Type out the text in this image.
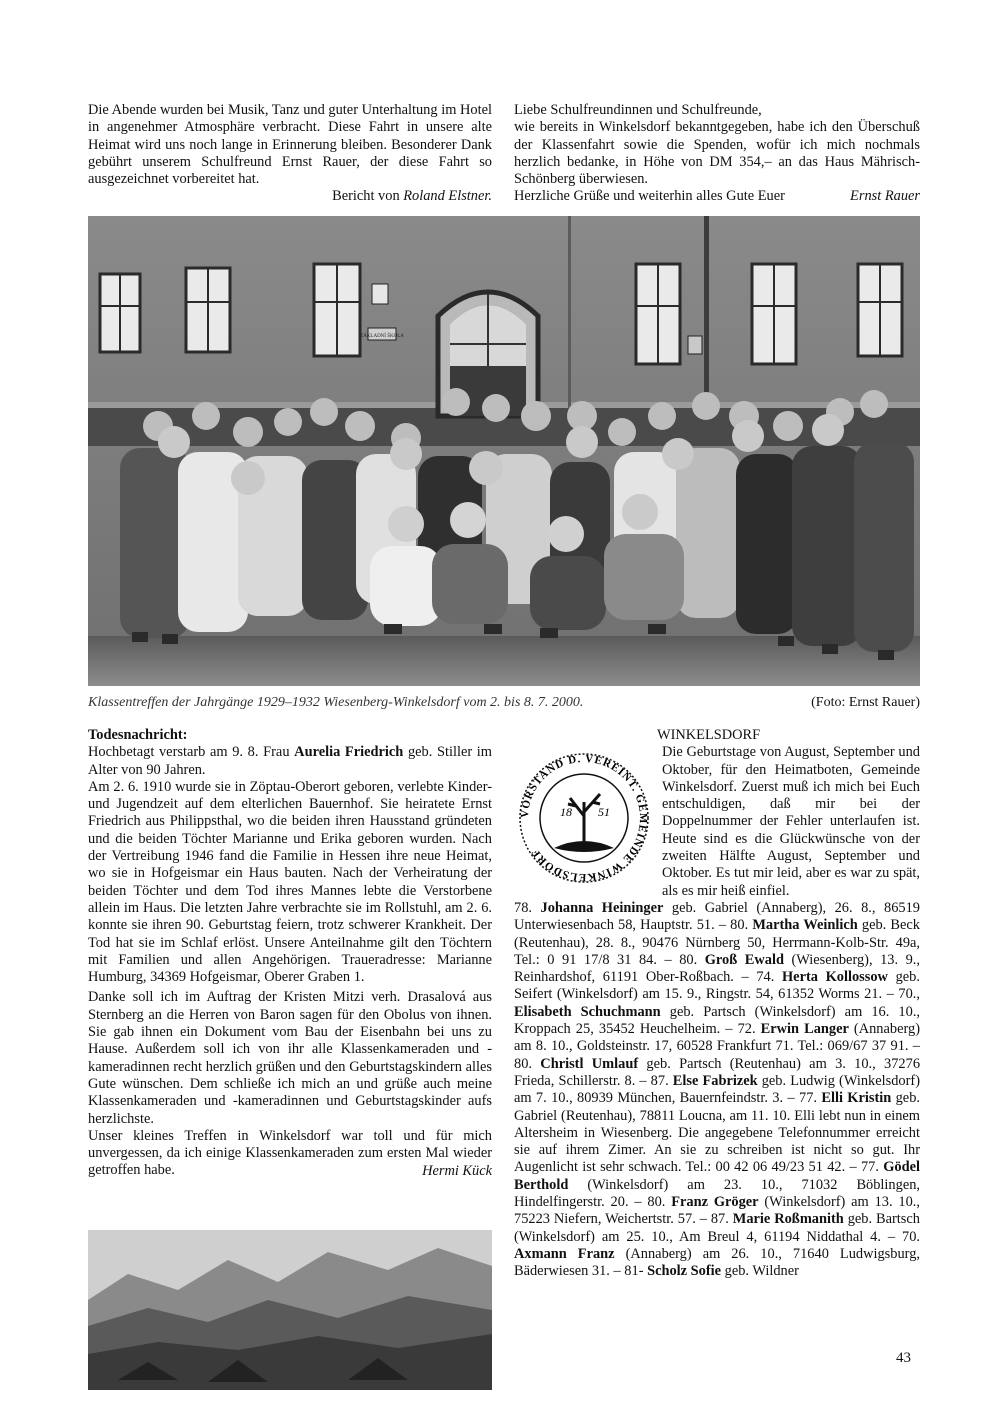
Die Abende wurden bei Musik, Tanz und guter Unterhaltung im Hotel in angenehmer Atmosphäre verbracht. Diese Fahrt in unsere alte Heimat wird uns noch lange in Erinnerung bleiben. Besonderer Dank gebührt unserem Schulfreund Ernst Rauer, der diese Fahrt so ausgezeichnet vorbereitet hat.

Bericht von Roland Elstner.

Liebe Schulfreundinnen und Schulfreunde,

wie bereits in Winkelsdorf bekanntgegeben, habe ich den Überschuß der Klassenfahrt sowie die Spenden, wofür ich mich nochmals herzlich bedanke, in Höhe von DM 354,– an das Haus Mährisch-Schönberg überwiesen.

Herzliche Grüße und weiterhin alles Gute Euer	Ernst Rauer

ZÁKLADNÍ ŠKOLA
Klassentreffen der Jahrgänge 1929–1932 Wiesenberg-Winkelsdorf vom 2. bis 8. 7. 2000.	(Foto: Ernst Rauer)

Todesnachricht:

Hochbetagt verstarb am 9. 8. Frau Aurelia Friedrich geb. Stiller im Alter von 90 Jahren.

Am 2. 6. 1910 wurde sie in Zöptau-Oberort geboren, verlebte Kinder- und Jugendzeit auf dem elterlichen Bauernhof. Sie heiratete Ernst Friedrich aus Philippsthal, wo die beiden ihren Hausstand gründeten und die beiden Töchter Marianne und Erika geboren wurden. Nach der Vertreibung 1946 fand die Familie in Hessen ihre neue Heimat, wo sie in Hofgeismar ein Haus bauten. Nach der Verheiratung der beiden Töchter und dem Tod ihres Mannes lebte die Verstorbene allein im Haus. Die letzten Jahre verbrachte sie im Rollstuhl, am 2. 6. konnte sie ihren 90. Geburtstag feiern, trotz schwerer Krankheit. Der Tod hat sie im Schlaf erlöst. Unsere Anteilnahme gilt den Töchtern mit Familien und allen Angehörigen. Traueradresse: Marianne Humburg, 34369 Hofgeismar, Oberer Graben 1.

Danke soll ich im Auftrag der Kristen Mitzi verh. Drasalová aus Sternberg an die Herren von Baron sagen für den Obolus von ihnen. Sie gab ihnen ein Dokument vom Bau der Eisenbahn bei uns zu Hause. Außerdem soll ich von ihr alle Klassenkameraden und -kameradinnen recht herzlich grüßen und den Geburtstagskindern alles Gute wünschen. Dem schließe ich mich an und grüße auch meine Klassenkameraden und -kameradinnen und Geburtstagskinder aufs herzlichste.

Unser kleines Treffen in Winkelsdorf war toll und für mich unvergessen, da ich einige Klassenkameraden zum ersten Mal wieder getroffen habe.	Hermi Kück

WINKELSDORF

18 51
VORSTAND D. VEREINT. GEMEINDE WINKELSDORF

Die Geburtstage von August, September und Oktober, für den Heimatboten, Gemeinde Winkelsdorf. Zuerst muß ich mich bei Euch entschuldigen, daß mir bei der Doppelnummer der Fehler unterlaufen ist. Heute sind es die Glückwünsche von der zweiten Hälfte August, September und Oktober. Es tut mir leid, aber es war zu spät, als es mir heiß einfiel.

78. Johanna Heininger geb. Gabriel (Annaberg), 26. 8., 86519 Unterwiesenbach 58, Hauptstr. 51. – 80. Martha Weinlich geb. Beck (Reutenhau), 28. 8., 90476 Nürnberg 50, Herrmann-Kolb-Str. 49a, Tel.: 0 91 17/8 31 84. – 80. Groß Ewald (Wiesenberg), 13. 9., Reinhardshof, 61191 Ober-Roßbach. – 74. Herta Kollossow geb. Seifert (Winkelsdorf) am 15. 9., Ringstr. 54, 61352 Worms 21. – 70., Elisabeth Schuchmann geb. Partsch (Winkelsdorf) am 16. 10., Kroppach 25, 35452 Heuchelheim. – 72. Erwin Langer (Annaberg) am 8. 10., Goldsteinstr. 17, 60528 Frankfurt 71. Tel.: 069/67 37 91. – 80. Christl Umlauf geb. Partsch (Reutenhau) am 3. 10., 37276 Frieda, Schillerstr. 8. – 87. Else Fabrizek geb. Ludwig (Winkelsdorf) am 7. 10., 80939 München, Bauernfeindstr. 3. – 77. Elli Kristin geb. Gabriel (Reutenhau), 78811 Loucna, am 11. 10. Elli lebt nun in einem Altersheim in Wiesenberg. Die angegebene Telefonnummer erreicht sie auf ihrem Zimer. An sie zu schreiben ist nicht so gut. Ihr Augenlicht ist sehr schwach. Tel.: 00 42 06 49/23 51 42. – 77. Gödel Berthold (Winkelsdorf) am 23. 10., 71032 Böblingen, Hindelfingerstr. 20. – 80. Franz Gröger (Winkelsdorf) am 13. 10., 75223 Niefern, Weichertstr. 57. – 87. Marie Roßmanith geb. Bartsch (Winkelsdorf) am 25. 10., Am Breul 4, 61194 Niddathal 4. – 70. Axmann Franz (Annaberg) am 26. 10., 71640 Ludwigsburg, Bäderwiesen 31. – 81- Scholz Sofie geb. Wildner

43
